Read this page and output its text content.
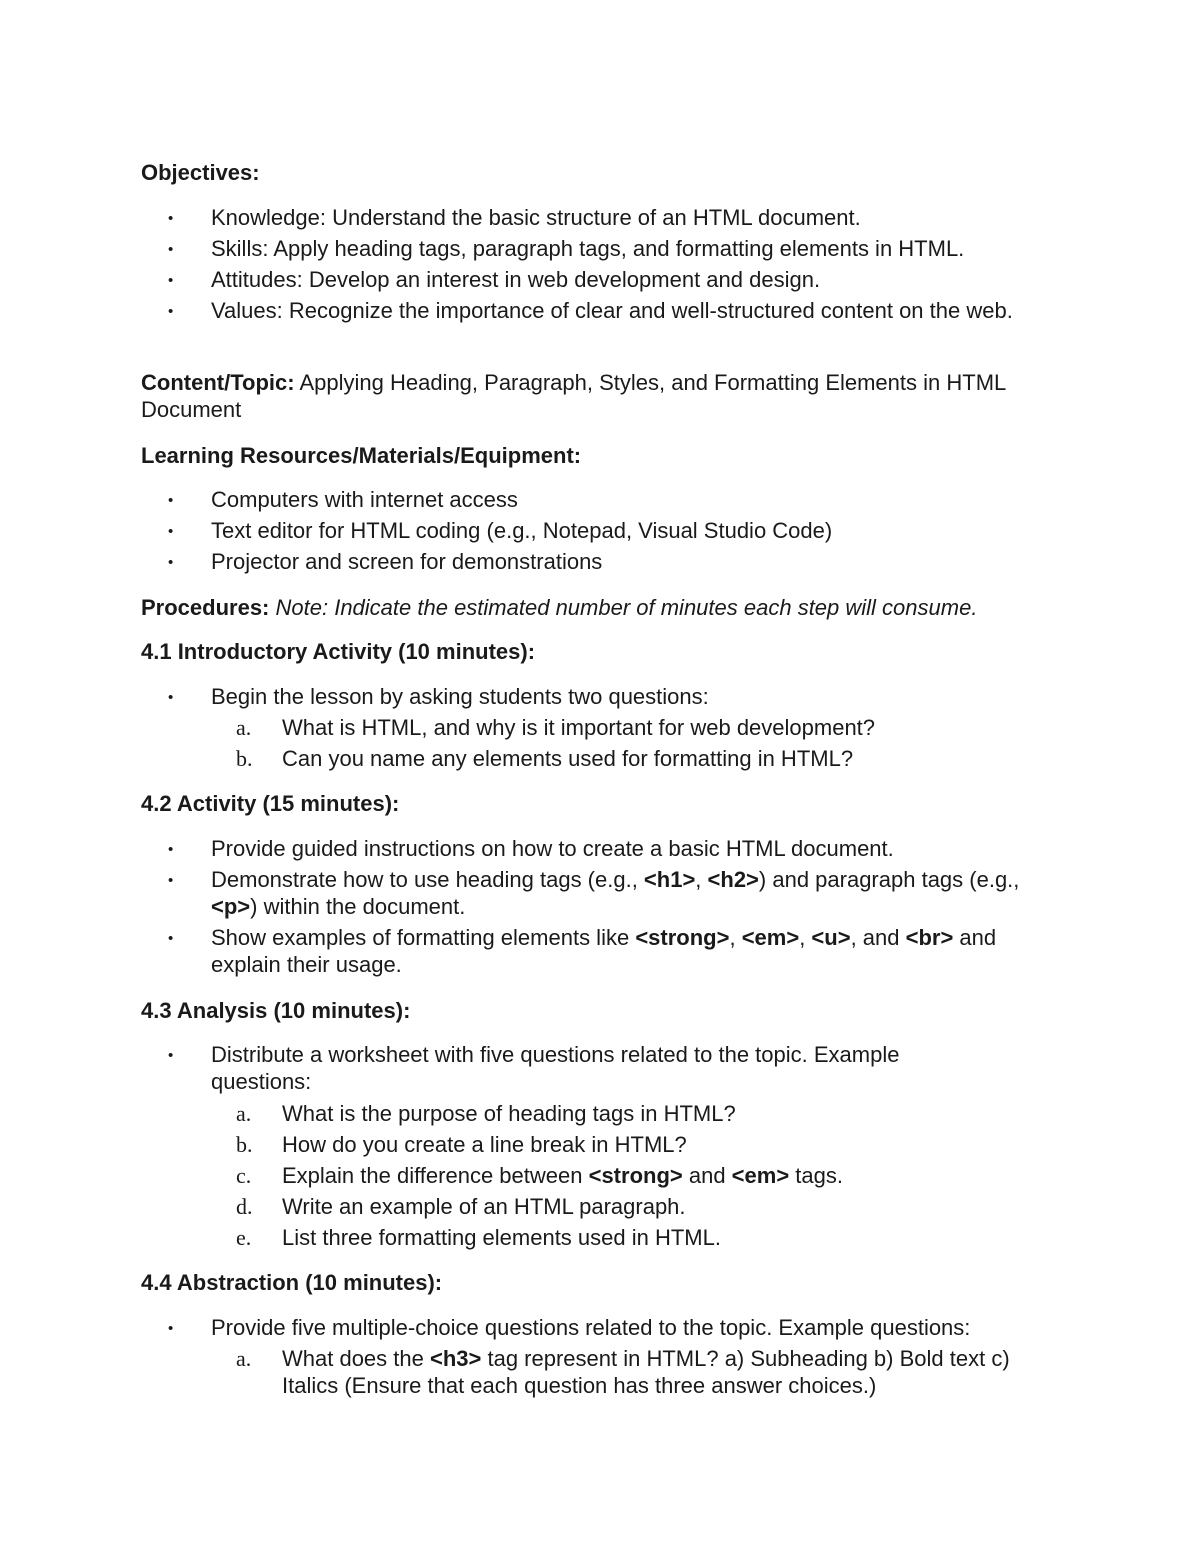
Objectives:
• Knowledge: Understand the basic structure of an HTML document.
• Skills: Apply heading tags, paragraph tags, and formatting elements in HTML.
• Attitudes: Develop an interest in web development and design.
• Values: Recognize the importance of clear and well-structured content on the web.
Content/Topic: Applying Heading, Paragraph, Styles, and Formatting Elements in HTML Document
Learning Resources/Materials/Equipment:
• Computers with internet access
• Text editor for HTML coding (e.g., Notepad, Visual Studio Code)
• Projector and screen for demonstrations
Procedures: Note: Indicate the estimated number of minutes each step will consume.
4.1 Introductory Activity (10 minutes):
• Begin the lesson by asking students two questions:
a.	What is HTML, and why is it important for web development?
b.	Can you name any elements used for formatting in HTML?
4.2 Activity (15 minutes):
• Provide guided instructions on how to create a basic HTML document.
• Demonstrate how to use heading tags (e.g., <h1>, <h2>) and paragraph tags (e.g., <p>) within the document.
• Show examples of formatting elements like <strong>, <em>, <u>, and <br> and explain their usage.
4.3 Analysis (10 minutes):
• Distribute a worksheet with five questions related to the topic. Example questions:
a.	What is the purpose of heading tags in HTML?
b.	How do you create a line break in HTML?
c.	Explain the difference between <strong> and <em> tags.
d.	Write an example of an HTML paragraph.
e.	List three formatting elements used in HTML.
4.4 Abstraction (10 minutes):
• Provide five multiple-choice questions related to the topic. Example questions:
a.	What does the <h3> tag represent in HTML? a) Subheading b) Bold text c) Italics (Ensure that each question has three answer choices.)
